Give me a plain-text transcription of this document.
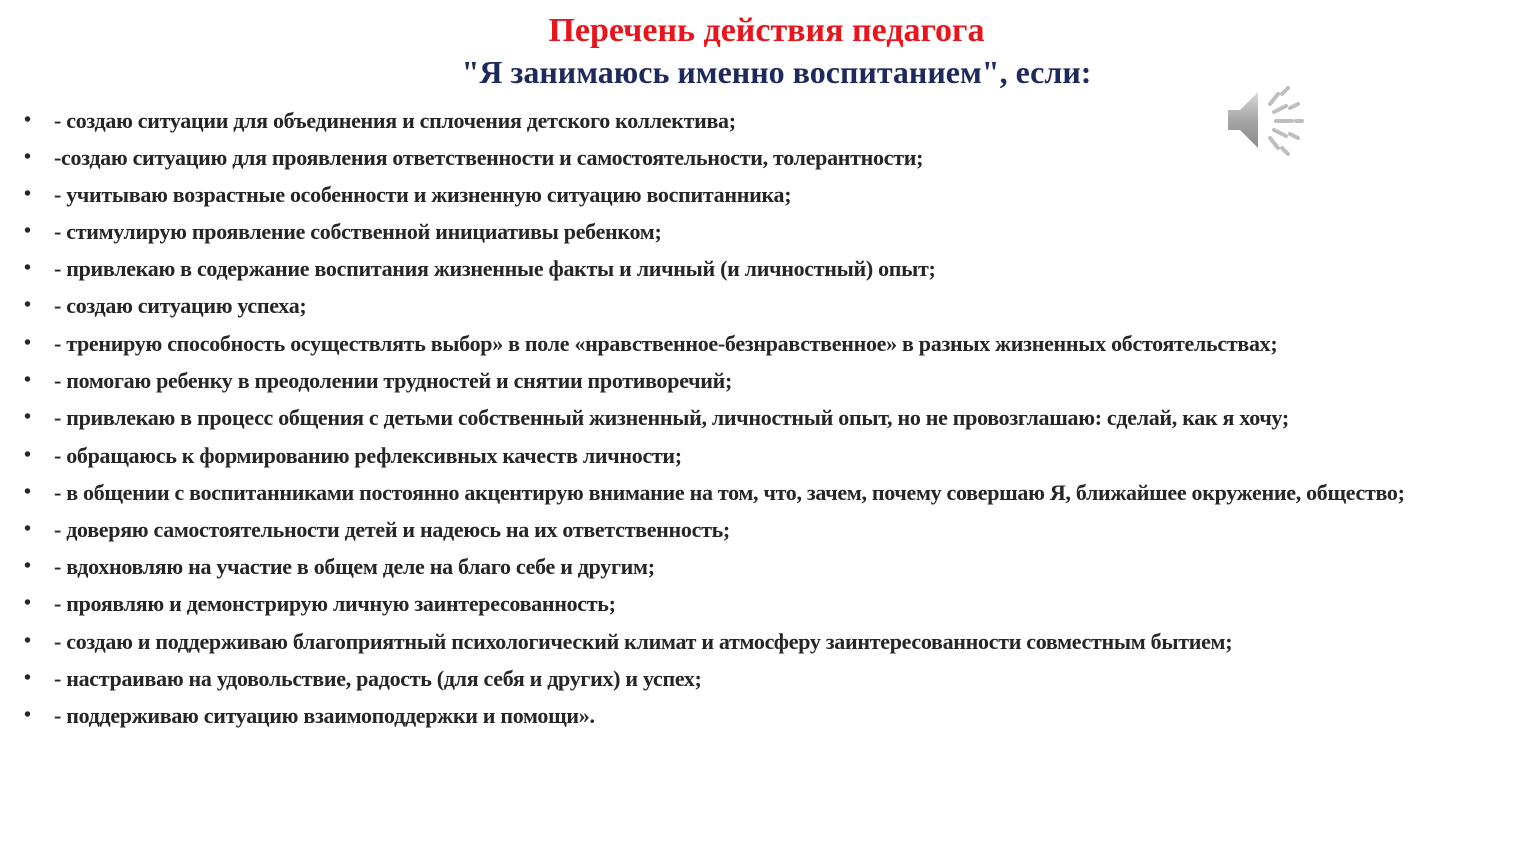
Перечень действия педагога
"Я занимаюсь именно воспитанием", если:
• - создаю ситуации для объединения и сплочения детского коллектива;
• -создаю ситуацию для проявления ответственности и самостоятельности, толерантности;
• - учитываю возрастные особенности и жизненную ситуацию воспитанника;
• - стимулирую проявление собственной инициативы ребенком;
• - привлекаю в содержание воспитания жизненные факты и личный (и личностный) опыт;
• - создаю ситуацию успеха;
• - тренирую способность осуществлять выбор» в поле «нравственное-безнравственное» в разных жизненных обстоятельствах;
• - помогаю ребенку в преодолении трудностей и снятии противоречий;
• - привлекаю в процесс общения с детьми собственный жизненный, личностный опыт, но не провозглашаю: сделай, как я хочу;
• - обращаюсь к формированию рефлексивных качеств личности;
• - в общении с воспитанниками постоянно акцентирую внимание на том, что, зачем, почему совершаю Я, ближайшее окружение, общество;
• - доверяю самостоятельности детей и надеюсь на их ответственность;
• - вдохновляю на участие в общем деле на благо себе и другим;
• - проявляю и демонстрирую личную заинтересованность;
• - создаю и поддерживаю благоприятный психологический климат и атмосферу заинтересованности совместным бытием;
• - настраиваю на удовольствие, радость (для себя и других) и успех;
• - поддерживаю ситуацию взаимоподдержки и помощи».
